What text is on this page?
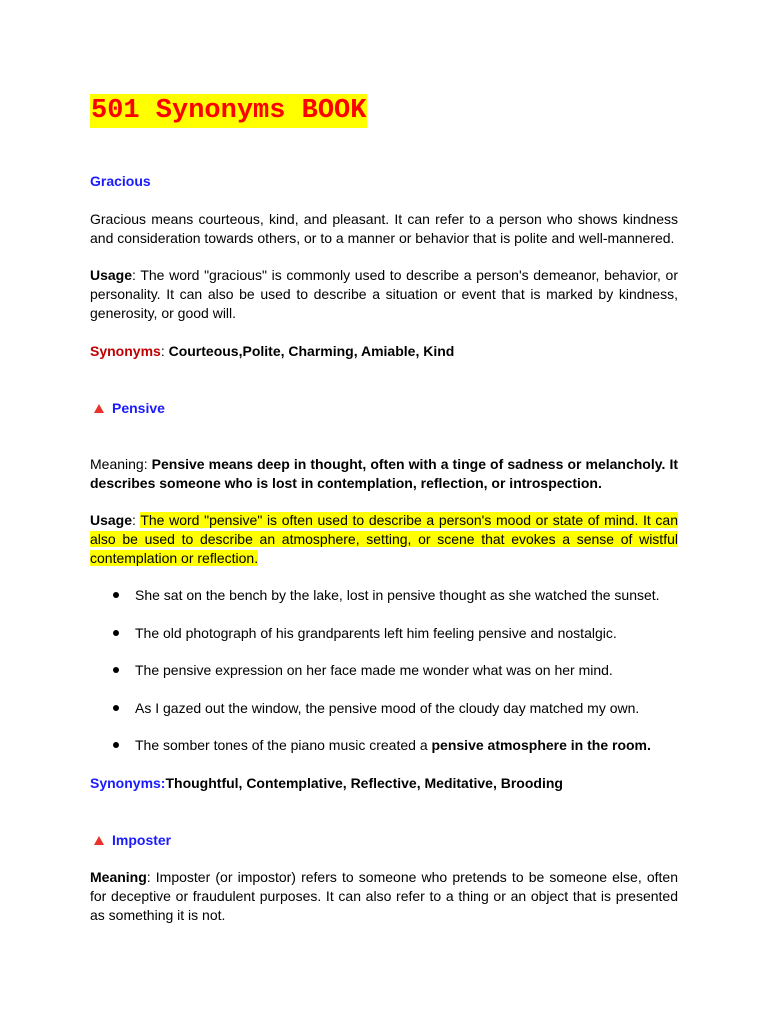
501 Synonyms BOOK
Gracious
Gracious means courteous, kind, and pleasant. It can refer to a person who shows kindness and consideration towards others, or to a manner or behavior that is polite and well-mannered.
Usage: The word "gracious" is commonly used to describe a person's demeanor, behavior, or personality. It can also be used to describe a situation or event that is marked by kindness, generosity, or good will.
Synonyms: Courteous,Polite, Charming, Amiable, Kind
Pensive
Meaning: Pensive means deep in thought, often with a tinge of sadness or melancholy. It describes someone who is lost in contemplation, reflection, or introspection.
Usage: The word "pensive" is often used to describe a person's mood or state of mind. It can also be used to describe an atmosphere, setting, or scene that evokes a sense of wistful contemplation or reflection.
She sat on the bench by the lake, lost in pensive thought as she watched the sunset.
The old photograph of his grandparents left him feeling pensive and nostalgic.
The pensive expression on her face made me wonder what was on her mind.
As I gazed out the window, the pensive mood of the cloudy day matched my own.
The somber tones of the piano music created a pensive atmosphere in the room.
Synonyms:Thoughtful, Contemplative, Reflective, Meditative, Brooding
Imposter
Meaning: Imposter (or impostor) refers to someone who pretends to be someone else, often for deceptive or fraudulent purposes. It can also refer to a thing or an object that is presented as something it is not.
